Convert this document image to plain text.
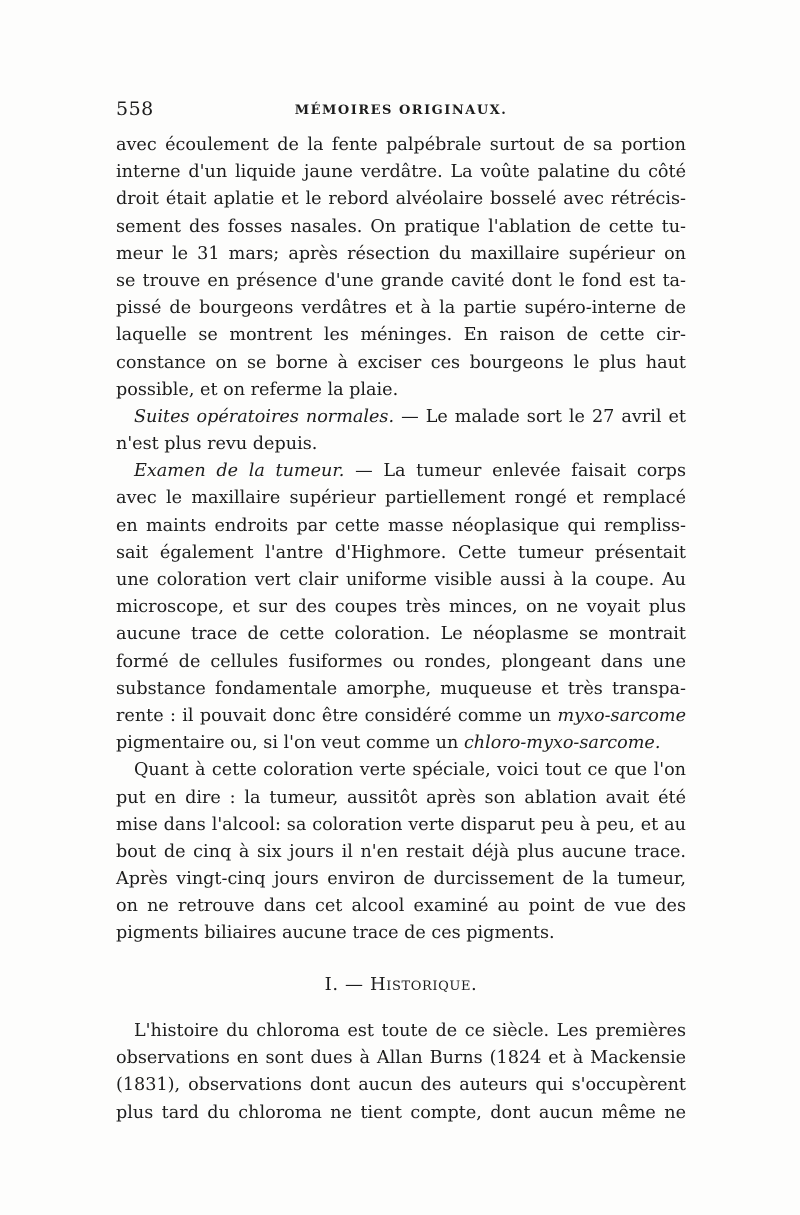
558	MÉMOIRES ORIGINAUX.
avec écoulement de la fente palpébrale surtout de sa portion
interne d'un liquide jaune verdâtre. La voûte palatine du côté
droit était aplatie et le rebord alvéolaire bosselé avec rétrécis-
sement des fosses nasales. On pratique l'ablation de cette tu-
meur le 31 mars; après résection du maxillaire supérieur on
se trouve en présence d'une grande cavité dont le fond est ta-
pissé de bourgeons verdâtres et à la partie supéro-interne de
laquelle se montrent les méninges. En raison de cette cir-
constance on se borne à exciser ces bourgeons le plus haut
possible, et on referme la plaie.
Suites opératoires normales. — Le malade sort le 27 avril et
n'est plus revu depuis.
Examen de la tumeur. — La tumeur enlevée faisait corps
avec le maxillaire supérieur partiellement rongé et remplacé
en maints endroits par cette masse néoplasique qui rempliss-
sait également l'antre d'Highmore. Cette tumeur présentait
une coloration vert clair uniforme visible aussi à la coupe. Au
microscope, et sur des coupes très minces, on ne voyait plus
aucune trace de cette coloration. Le néoplasme se montrait
formé de cellules fusiformes ou rondes, plongeant dans une
substance fondamentale amorphe, muqueuse et très transpa-
rente : il pouvait donc être considéré comme un myxo-sarcome
pigmentaire ou, si l'on veut comme un chloro-myxo-sarcome.
Quant à cette coloration verte spéciale, voici tout ce que l'on
put en dire : la tumeur, aussitôt après son ablation avait été
mise dans l'alcool: sa coloration verte disparut peu à peu, et au
bout de cinq à six jours il n'en restait déjà plus aucune trace.
Après vingt-cinq jours environ de durcissement de la tumeur,
on ne retrouve dans cet alcool examiné au point de vue des
pigments biliaires aucune trace de ces pigments.
I. — Historique.
L'histoire du chloroma est toute de ce siècle. Les premières
observations en sont dues à Allan Burns (1824 et à Mackensie
(1831), observations dont aucun des auteurs qui s'occupèrent
plus tard du chloroma ne tient compte, dont aucun même ne
